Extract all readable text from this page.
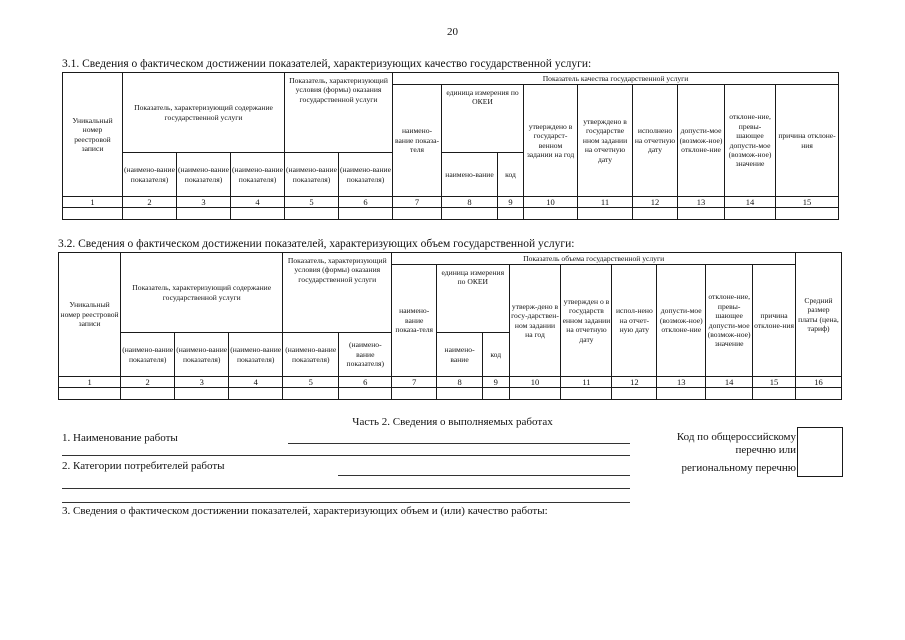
20
3.1. Сведения о фактическом достижении показателей, характеризующих качество государственной услуги:
Уникальный номер реестровой записи	Показатель, характеризующий содержание государственной услуги			Показатель, характеризующий условия (формы) оказания государственной услуги		Показатель качества государственной услуги								
						наимено-вание показа-теля	единица измерения по ОКЕИ		утверждено в государст-венном задании на год	утверждено в государстве нном задании на отчетную дату	исполнено на отчетную дату	допусти-мое (возмож-ное) отклоне-ние	отклоне-ние, превы-шающее допусти-мое (возмож-ное) значение	причина отклоне-ния
	(наимено-вание показателя)	(наимено-вание показателя)	(наимено-вание показателя)	(наимено-вание показателя)	(наимено-вание показателя)		наимено-вание	код						
1	2	3	4	5	6	7	8	9	10	11	12	13	14	15

3.2. Сведения о фактическом достижении показателей, характеризующих объем государственной услуги:
Уникальный номер реестровой записи	Показатель, характеризующий содержание государственной услуги			Показатель, характеризующий условия (формы) оказания государственной услуги		Показатель объема государственной услуги									Средний размер платы (цена, тариф)
						наимено-вание показа-теля	единица измерения по ОКЕИ		утверж-дено в госу-дарствен-ном задании на год	утвержден о в государств енном задании на отчетную дату	испол-нено на отчет-ную дату	допусти-мое (возмож-ное) отклоне-ние	отклоне-ние, превы-шающее допусти-мое (возмож-ное) значение	причина отклоне-ния	
	(наимено-вание показателя)	(наимено-вание показателя)	(наимено-вание показателя)	(наимено-вание показателя)	(наимено-вание показателя)		наимено-вание	код							
1	2	3	4	5	6	7	8	9	10	11	12	13	14	15	16

Часть 2. Сведения о выполняемых работах
1. Наименование работы
2. Категории потребителей работы
Код по общероссийскому
перечню или
региональному перечню
3. Сведения о фактическом достижении показателей, характеризующих объем и (или) качество работы:
